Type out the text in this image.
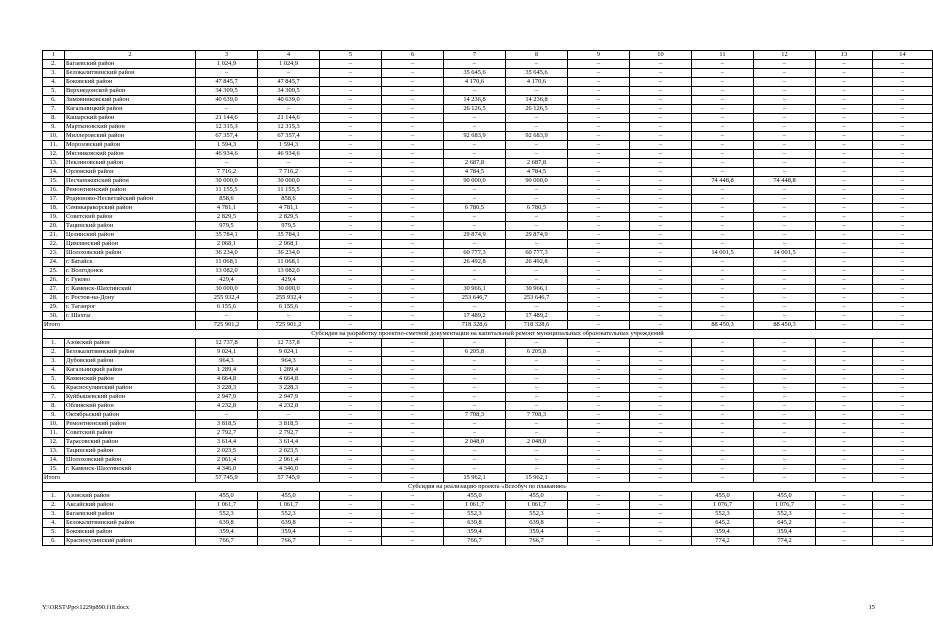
1	2	3	4	5	6	7	8	9	10	11	12	13	14
2.	Багаевский район	1 024,9	1 024,9	–	–	–	–	–	–	–	–	–	–
3.	Белокалитвинский район	–	–	–	–	35 645,6	35 645,6	–	–	–	–	–	–
4.	Боковский район	47 845,7	47 845,7	–	–	4 170,6	4 170,6	–	–	–	–	–	–
5.	Верхнедонской район	34 309,5	34 309,5	–	–	–	–	–	–	–	–	–	–
6.	Зимовниковский район	40 639,0	40 639,0	–	–	14 236,8	14 236,8	–	–	–	–	–	–
7.	Кагальницкий район	–	–	–	–	26 126,5	26 126,5	–	–	–	–	–	–
8.	Кашарский район	21 144,6	21 144,6	–	–	–	–	–	–	–	–	–	–
9.	Мартыновский район	12 315,3	12 315,3	–	–	–	–	–	–	–	–	–	–
10.	Миллеровский район	67 357,4	67 357,4	–	–	92 683,9	92 683,9	–	–	–	–	–	–
11.	Морозовский район	1 594,3	1 594,3	–	–	–	–	–	–	–	–	–	–
12.	Мясниковский район	46 934,6	46 934,6	–	–	–	–	–	–	–	–	–	–
13.	Неклиновский район	–	–	–	–	2 687,8	2 687,8	–	–	–	–	–	–
14.	Орловский район	7 716,2	7 716,2	–	–	4 784,5	4 784,5	–	–	–	–	–	–
15.	Песчанокопский район	30 000,0	30 000,0	–	–	90 000,0	90 000,0	–	–	74 448,8	74 448,8	–	–
16.	Ремонтненский район	11 155,5	11 155,5	–	–	–	–	–	–	–	–	–	–
17.	Родионово-Несветайский район	858,6	858,6	–	–	–	–	–	–	–	–	–	–
18.	Семикаракорский район	4 781,1	4 781,1	–	–	6 780,5	6 780,5	–	–	–	–	–	–
19.	Советский район	2 829,5	2 829,5	–	–	–	–	–	–	–	–	–	–
20.	Тацинский район	979,5	979,5	–	–	–	–	–	–	–	–	–	–
21.	Целинский район	35 784,1	35 784,1	–	–	29 874,9	29 874,9	–	–	–	–	–	–
22.	Цимлянский район	2 068,1	2 068,1	–	–	–	–	–	–	–	–	–	–
23.	Шолоховский район	36 234,0	36 234,0	–	–	60 777,3	60 777,3	–	–	14 001,5	14 001,5	–	–
24.	г. Батайск	11 068,1	11 068,1	–	–	26 492,8	26 492,8	–	–	–	–	–	–
25.	г. Волгодонск	13 082,0	13 082,0	–	–	–	–	–	–	–	–	–	–
26.	г. Гуково	429,4	429,4	–	–	–	–	–	–	–	–	–	–
27.	г. Каменск-Шахтинский	30 000,0	30 000,0	–	–	30 966,1	30 966,1	–	–	–	–	–	–
28.	г. Ростов-на-Дону	255 932,4	255 932,4	–	–	253 646,7	253 646,7	–	–	–	–	–	–
29.	г. Таганрог	6 155,6	6 155,6	–	–	–	–	–	–	–	–	–	–
30.	г. Шахты	–	–	–	–	17 489,2	17 489,2	–	–	–	–	–	–
Итого		725 901,2	725 901,2	–	–	718 328,6	718 328,6	–	–	88 450,3	88 450,3	–	–
Субсидия на разработку проектно-сметной документации на капитальный ремонт муниципальных образовательных учреждений													
1.	Азовский район	12 737,8	12 737,8	–	–	–	–	–	–	–	–	–	–
2.	Белокалитвинский район	9 024,1	9 024,1	–	–	6 205,8	6 205,8	–	–	–	–	–	–
3.	Дубовский район	964,3	964,3	–	–	–	–	–	–	–	–	–	–
4.	Кагальницкий район	1 289,4	1 289,4	–	–	–	–	–	–	–	–	–	–
5.	Каменский район	4 664,8	4 664,8	–	–	–	–	–	–	–	–	–	–
6.	Красносулинский район	3 228,3	3 228,3	–	–	–	–	–	–	–	–	–	–
7.	Куйбышевский район	2 947,9	2 947,9	–	–	–	–	–	–	–	–	–	–
8.	Обливский район	4 232,8	4 232,8	–	–	–	–	–	–	–	–	–	–
9.	Октябрьский район	–	–	–	–	7 708,3	7 708,3	–	–	–	–	–	–
10.	Ремонтненский район	3 818,5	3 818,5	–	–	–	–	–	–	–	–	–	–
11.	Советский район	2 792,7	2 792,7	–	–	–	–	–	–	–	–	–	–
12.	Тарасовский район	3 614,4	3 614,4	–	–	2 048,0	2 048,0	–	–	–	–	–	–
13.	Тацинский район	2 023,5	2 023,5	–	–	–	–	–	–	–	–	–	–
14.	Шолоховский район	2 061,4	2 061,4	–	–	–	–	–	–	–	–	–	–
15.	г. Каменск-Шахтинский	4 346,0	4 346,0	–	–	–	–	–	–	–	–	–	–
Итого		57 745,9	57 745,9	–	–	15 962,1	15 962,1	–	–	–	–	–	–
Субсидия на реализацию проекта «Всеобуч по плаванию»													
1.	Азовский район	455,0	455,0	–	–	455,0	455,0	–	–	455,0	455,0	–	–
2.	Аксайский район	1 061,7	1 061,7	–	–	1 061,7	1 061,7	–	–	1 076,7	1 076,7	–	–
3.	Багаевский район	552,3	552,3	–	–	552,3	552,3	–	–	552,3	552,3	–	–
4.	Белокалитвинский район	639,8	639,8	–	–	639,8	639,8	–	–	645,2	645,2	–	–
5.	Боковский район	359,4	359,4	–	–	359,4	359,4	–	–	359,4	359,4	–	–
6.	Красносулинский район	766,7	766,7	–	–	766,7	766,7	–	–	774,2	774,2	–	–
Y:\ORST\Ppo\1229p890.f18.docx	15
